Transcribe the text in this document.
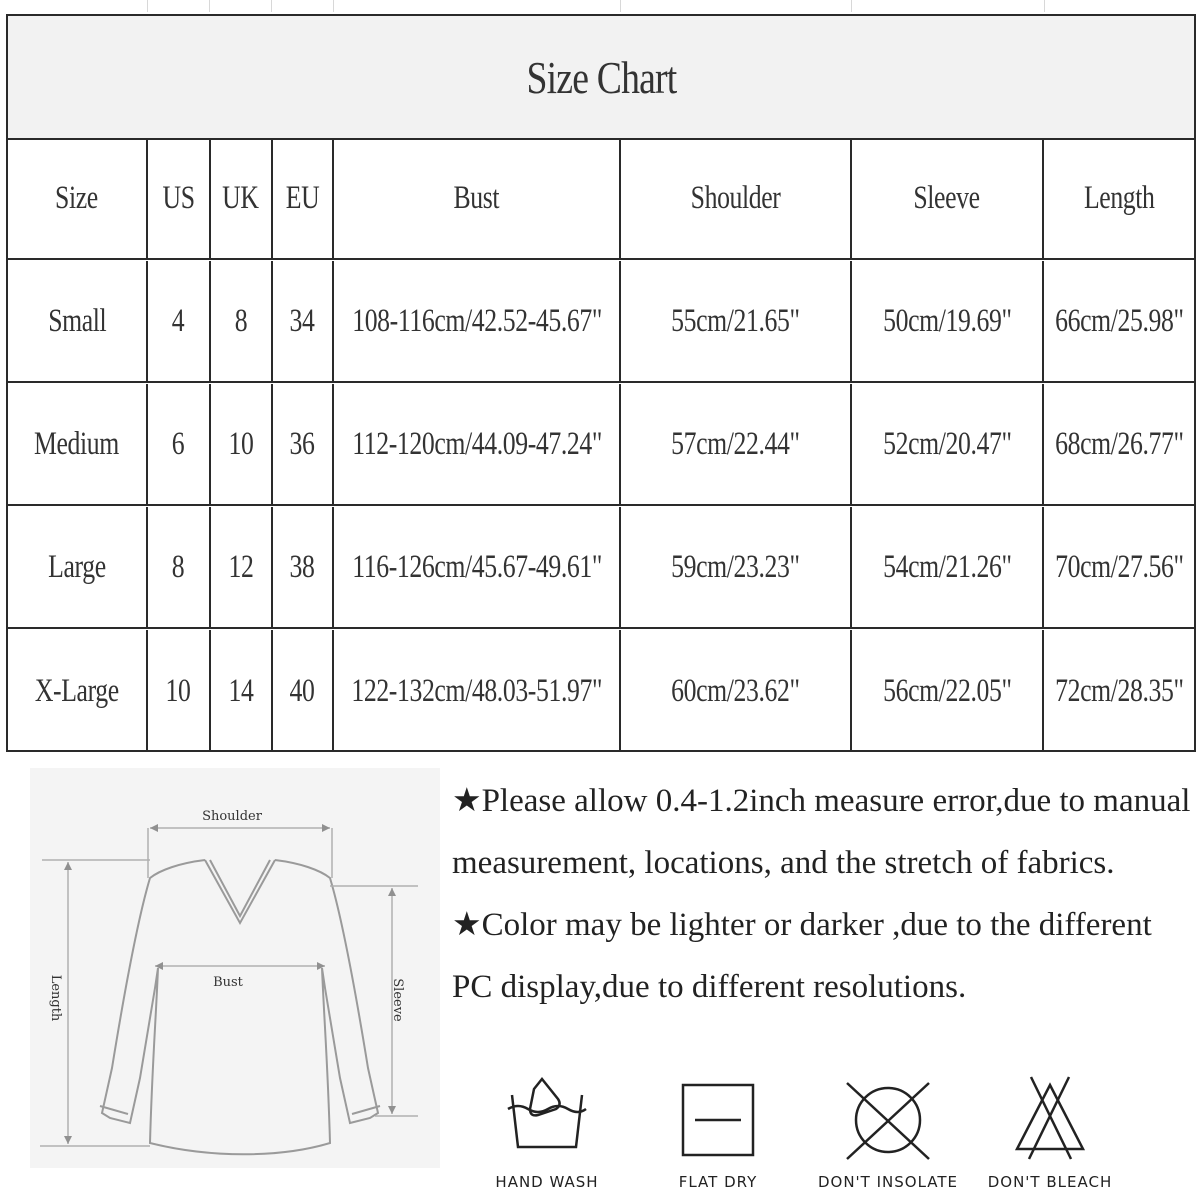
Size Chart
Size US UK EU	Bust	Shoulder	Sleeve	Length
Small 4 8 34 108-116cm/42.52-45.67" 55cm/21.65"	50cm/19.69" 66cm/25.98"
Medium 6 10 36 112-120cm/44.09-47.24" 57cm/22.44"	52cm/20.47" 68cm/26.77"
Large 8 12 38 116-126cm/45.67-49.61" 59cm/23.23"	54cm/21.26" 70cm/27.56"
X-Large 10 14 40 122-132cm/48.03-51.97" 60cm/23.62"	56cm/22.05" 72cm/28.35"
Shoulder
Bust
Length	Sleeve

★Please allow 0.4-1.2inch measure error,due to manual measurement, locations, and the stretch of fabrics.

★Color may be lighter or darker ,due to the different PC display,due to different resolutions.

HAND WASH	FLAT DRY	DON'T INSOLATE	DON'T BLEACH
